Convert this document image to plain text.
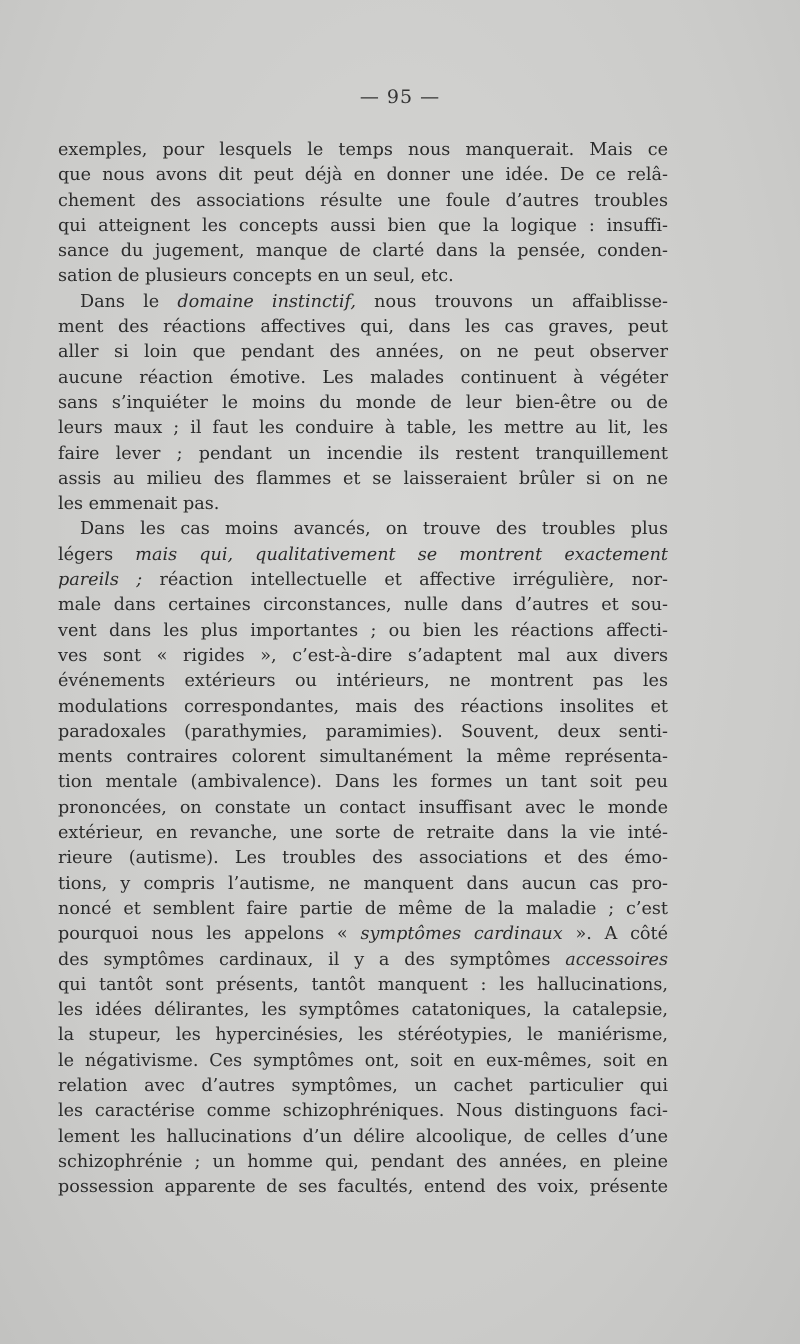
— 95 —
exemples, pour lesquels le temps nous manquerait. Mais ce
que nous avons dit peut déjà en donner une idée. De ce relâ-
chement des associations résulte une foule d’autres troubles
qui atteignent les concepts aussi bien que la logique : insuffi-
sance du jugement, manque de clarté dans la pensée, conden-
sation de plusieurs concepts en un seul, etc.
Dans le domaine instinctif, nous trouvons un affaiblisse-
ment des réactions affectives qui, dans les cas graves, peut
aller si loin que pendant des années, on ne peut observer
aucune réaction émotive. Les malades continuent à végéter
sans s’inquiéter le moins du monde de leur bien-être ou de
leurs maux ; il faut les conduire à table, les mettre au lit, les
faire lever ; pendant un incendie ils restent tranquillement
assis au milieu des flammes et se laisseraient brûler si on ne
les emmenait pas.
Dans les cas moins avancés, on trouve des troubles plus
légers mais qui, qualitativement se montrent exactement
pareils ; réaction intellectuelle et affective irrégulière, nor-
male dans certaines circonstances, nulle dans d’autres et sou-
vent dans les plus importantes ; ou bien les réactions affecti-
ves sont « rigides », c’est-à-dire s’adaptent mal aux divers
événements extérieurs ou intérieurs, ne montrent pas les
modulations correspondantes, mais des réactions insolites et
paradoxales (parathymies, paramimies). Souvent, deux senti-
ments contraires colorent simultanément la même représenta-
tion mentale (ambivalence). Dans les formes un tant soit peu
prononcées, on constate un contact insuffisant avec le monde
extérieur, en revanche, une sorte de retraite dans la vie inté-
rieure (autisme). Les troubles des associations et des émo-
tions, y compris l’autisme, ne manquent dans aucun cas pro-
noncé et semblent faire partie de même de la maladie ; c’est
pourquoi nous les appelons « symptômes cardinaux ». A côté
des symptômes cardinaux, il y a des symptômes accessoires
qui tantôt sont présents, tantôt manquent : les hallucinations,
les idées délirantes, les symptômes catatoniques, la catalepsie,
la stupeur, les hypercinésies, les stéréotypies, le maniérisme,
le négativisme. Ces symptômes ont, soit en eux-mêmes, soit en
relation avec d’autres symptômes, un cachet particulier qui
les caractérise comme schizophréniques. Nous distinguons faci-
lement les hallucinations d’un délire alcoolique, de celles d’une
schizophrénie ; un homme qui, pendant des années, en pleine
possession apparente de ses facultés, entend des voix, présente
